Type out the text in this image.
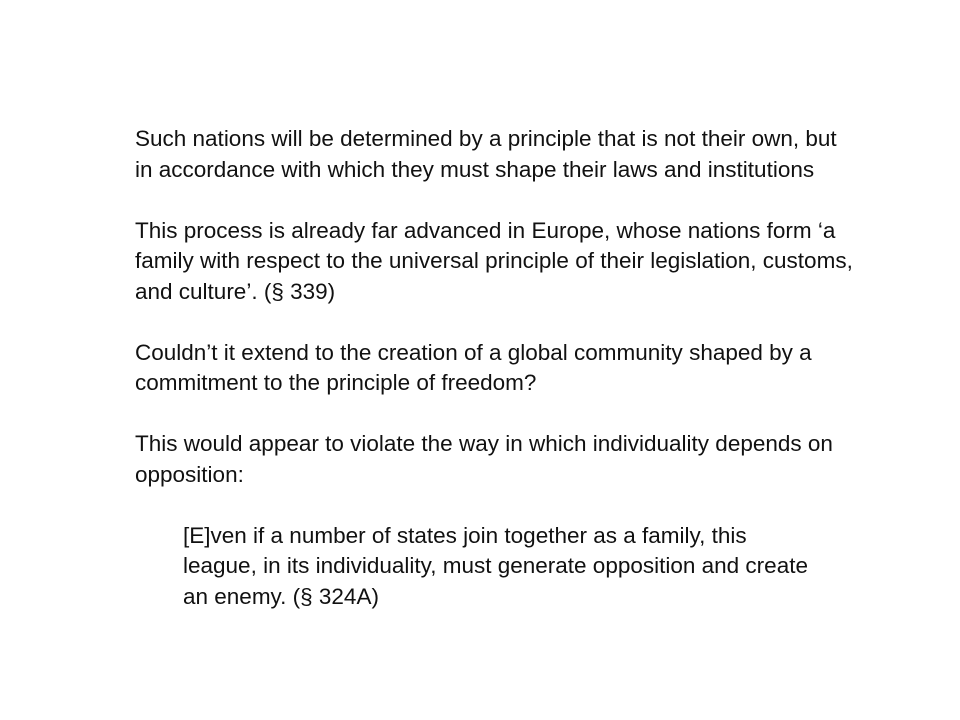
Such nations will be determined by a principle that is not their own, but in accordance with which they must shape their laws and institutions

This process is already far advanced in Europe, whose nations form ‘a family with respect to the universal principle of their legislation, customs, and culture’. (§ 339)

Couldn’t it extend to the creation of a global community shaped by a commitment to the principle of freedom?

This would appear to violate the way in which individuality depends on opposition:

[E]ven if a number of states join together as a family, this league, in its individuality, must generate opposition and create an enemy. (§ 324A)
